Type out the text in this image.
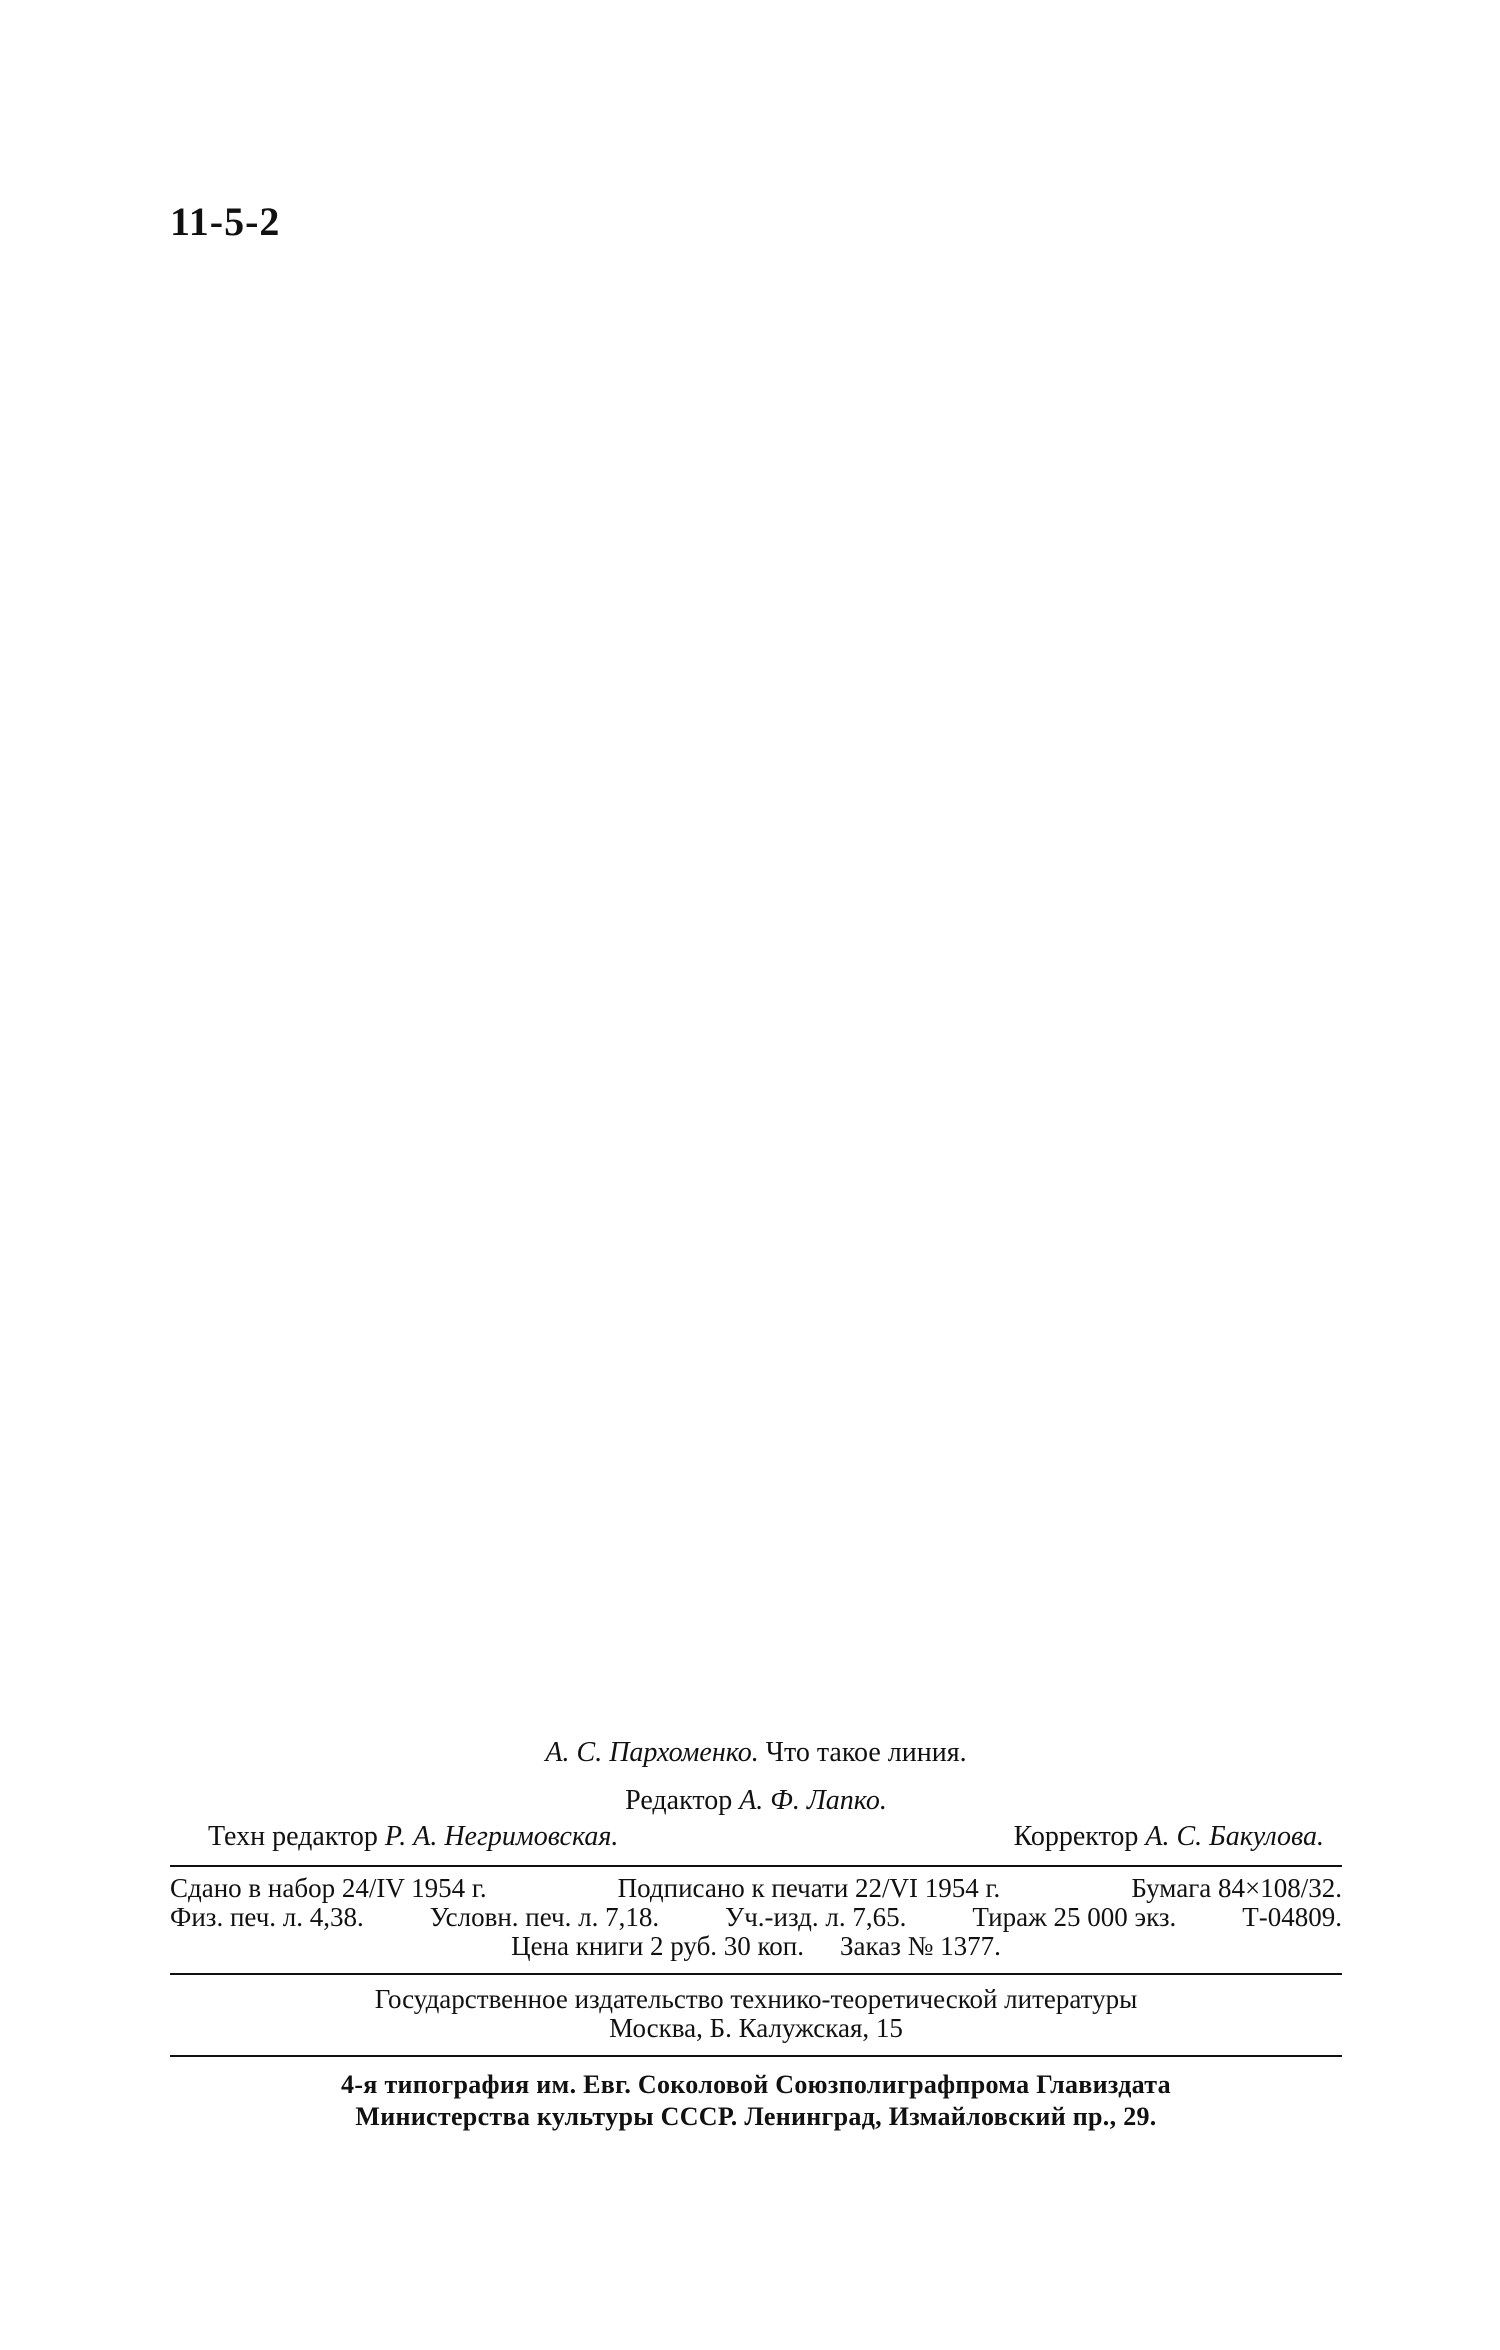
11-5-2
А. С. Пархоменко. Что такое линия.
Редактор А. Ф. Лапко.
Техн редактор Р. А. Негримовская.	Корректор А. С. Бакулова.
Сдано в набор 24/IV 1954 г.	Подписано к печати 22/VI 1954 г.	Бумага 84×108/32.
Физ. печ. л. 4,38. Условн. печ. л. 7,18. Уч.-изд. л. 7,65. Тираж 25 000 экз. Т-04809.
Цена книги 2 руб. 30 коп. Заказ № 1377.
Государственное издательство технико-теоретической литературы
Москва, Б. Калужская, 15
4-я типография им. Евг. Соколовой Союзполиграфпрома Главиздата
Министерства культуры СССР. Ленинград, Измайловский пр., 29.
